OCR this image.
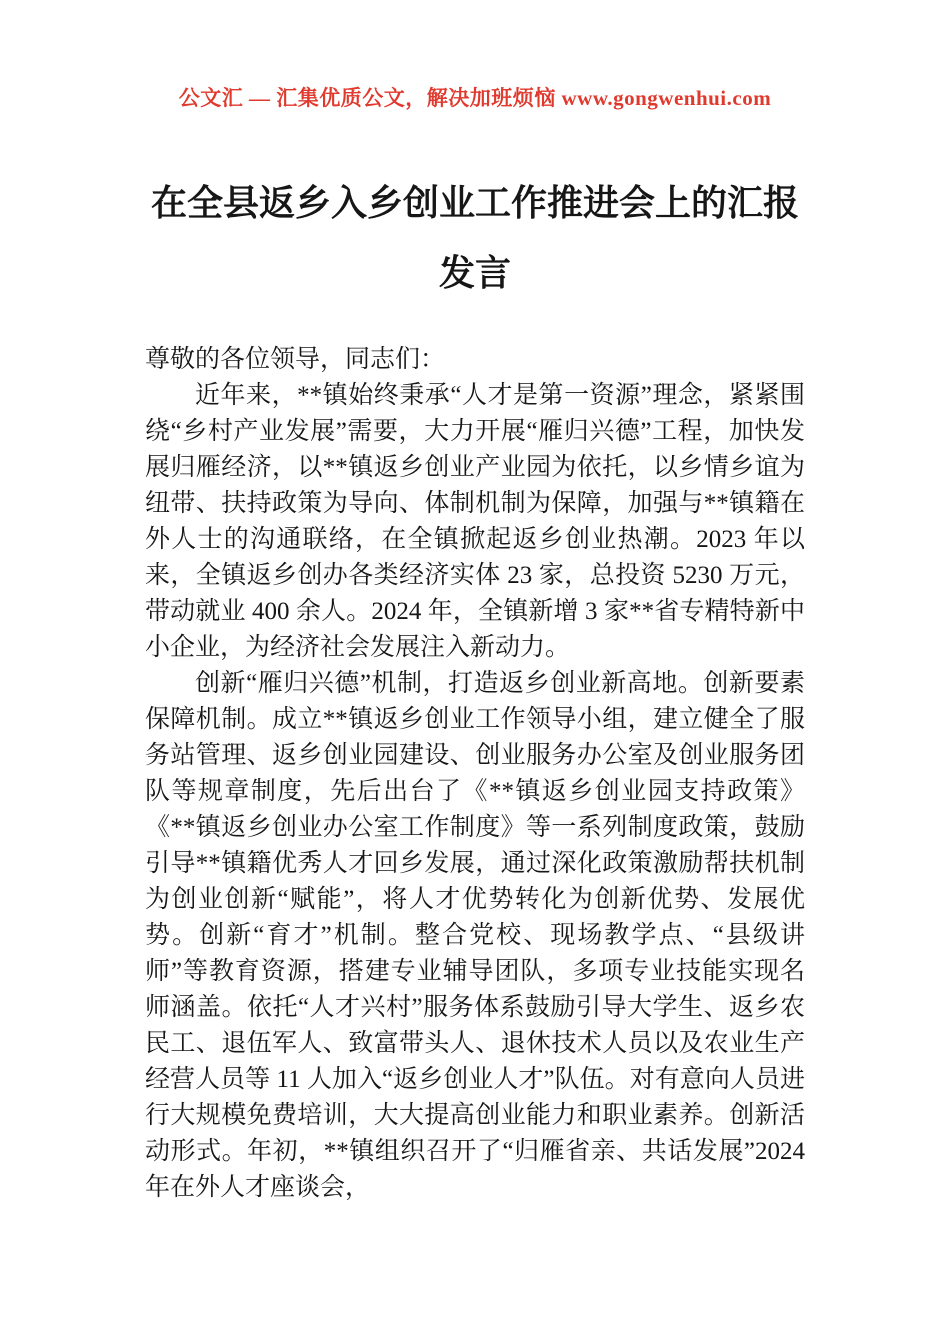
公文汇 — 汇集优质公文，解决加班烦恼 www.gongwenhui.com
在全县返乡入乡创业工作推进会上的汇报发言

尊敬的各位领导，同志们：

近年来，**镇始终秉承“人才是第一资源”理念，紧紧围绕“乡村产业发展”需要，大力开展“雁归兴德”工程，加快发展归雁经济，以**镇返乡创业产业园为依托，以乡情乡谊为纽带、扶持政策为导向、体制机制为保障，加强与**镇籍在外人士的沟通联络，在全镇掀起返乡创业热潮。2023 年以来，全镇返乡创办各类经济实体 23 家，总投资 5230 万元，带动就业 400 余人。2024 年，全镇新增 3 家**省专精特新中小企业，为经济社会发展注入新动力。

创新“雁归兴德”机制，打造返乡创业新高地。创新要素保障机制。成立**镇返乡创业工作领导小组，建立健全了服务站管理、返乡创业园建设、创业服务办公室及创业服务团队等规章制度，先后出台了《**镇返乡创业园支持政策》《**镇返乡创业办公室工作制度》等一系列制度政策，鼓励引导**镇籍优秀人才回乡发展，通过深化政策激励帮扶机制为创业创新“赋能”，将人才优势转化为创新优势、发展优势。创新“育才”机制。整合党校、现场教学点、“县级讲师”等教育资源，搭建专业辅导团队，多项专业技能实现名师涵盖。依托“人才兴村”服务体系鼓励引导大学生、返乡农民工、退伍军人、致富带头人、退休技术人员以及农业生产经营人员等 11 人加入“返乡创业人才”队伍。对有意向人员进行大规模免费培训，大大提高创业能力和职业素养。创新活动形式。年初，**镇组织召开了“归雁省亲、共话发展”2024 年在外人才座谈会，
